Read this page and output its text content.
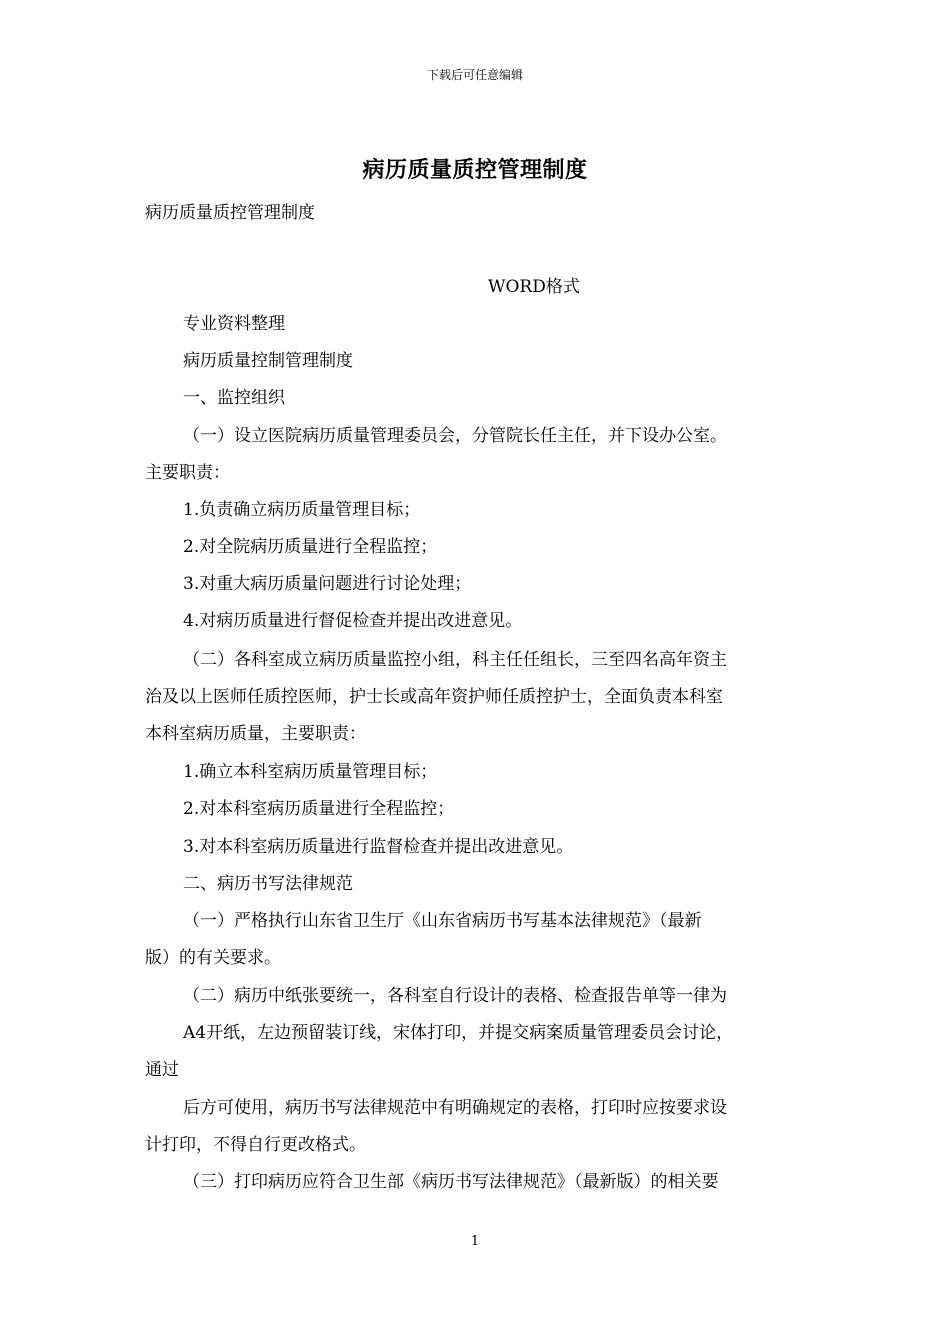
下载后可任意编辑
病历质量质控管理制度
病历质量质控管理制度
WORD格式
专业资料整理
病历质量控制管理制度
一、监控组织
（一）设立医院病历质量管理委员会，分管院长任主任，并下设办公室。
主要职责：
1.负责确立病历质量管理目标；
2.对全院病历质量进行全程监控；
3.对重大病历质量问题进行讨论处理；
4.对病历质量进行督促检查并提出改进意见。
（二）各科室成立病历质量监控小组，科主任任组长，三至四名高年资主
治及以上医师任质控医师，护士长或高年资护师任质控护士，全面负责本科室
本科室病历质量，主要职责：
1.确立本科室病历质量管理目标；
2.对本科室病历质量进行全程监控；
3.对本科室病历质量进行监督检查并提出改进意见。
二、病历书写法律规范
（一）严格执行山东省卫生厅《山东省病历书写基本法律规范》（最新
版）的有关要求。
（二）病历中纸张要统一，各科室自行设计的表格、检查报告单等一律为
A4开纸，左边预留装订线，宋体打印，并提交病案质量管理委员会讨论，
通过
后方可使用，病历书写法律规范中有明确规定的表格，打印时应按要求设
计打印，不得自行更改格式。
（三）打印病历应符合卫生部《病历书写法律规范》（最新版）的相关要
1
